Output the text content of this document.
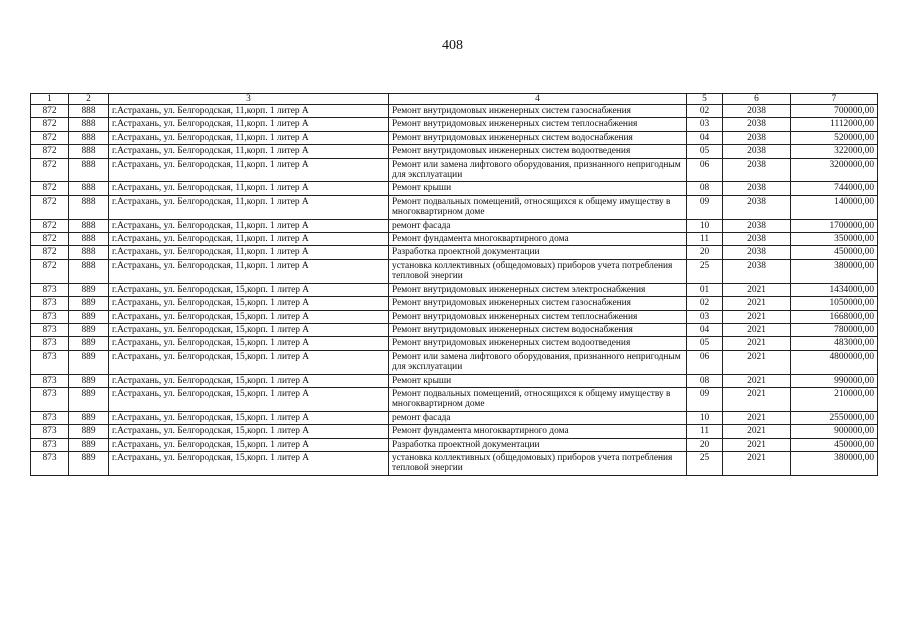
408
1	2	3	4	5	6	7
872	888	г.Астрахань, ул. Белгородская, 11,корп. 1 литер А	Ремонт внутридомовых инженерных систем газоснабжения	02	2038	700000,00
872	888	г.Астрахань, ул. Белгородская, 11,корп. 1 литер А	Ремонт внутридомовых инженерных систем теплоснабжения	03	2038	1112000,00
872	888	г.Астрахань, ул. Белгородская, 11,корп. 1 литер А	Ремонт внутридомовых инженерных систем водоснабжения	04	2038	520000,00
872	888	г.Астрахань, ул. Белгородская, 11,корп. 1 литер А	Ремонт внутридомовых инженерных систем водоотведения	05	2038	322000,00
872	888	г.Астрахань, ул. Белгородская, 11,корп. 1 литер А	Ремонт или замена лифтового оборудования, признанного непригодным для эксплуатации	06	2038	3200000,00
872	888	г.Астрахань, ул. Белгородская, 11,корп. 1 литер А	Ремонт крыши	08	2038	744000,00
872	888	г.Астрахань, ул. Белгородская, 11,корп. 1 литер А	Ремонт подвальных помещений, относящихся к общему имуществу в многоквартирном доме	09	2038	140000,00
872	888	г.Астрахань, ул. Белгородская, 11,корп. 1 литер А	ремонт фасада	10	2038	1700000,00
872	888	г.Астрахань, ул. Белгородская, 11,корп. 1 литер А	Ремонт фундамента многоквартирного дома	11	2038	350000,00
872	888	г.Астрахань, ул. Белгородская, 11,корп. 1 литер А	Разработка проектной документации	20	2038	450000,00
872	888	г.Астрахань, ул. Белгородская, 11,корп. 1 литер А	установка коллективных (общедомовых) приборов учета потребления тепловой энергии	25	2038	380000,00
873	889	г.Астрахань, ул. Белгородская, 15,корп. 1 литер А	Ремонт внутридомовых инженерных систем электроснабжения	01	2021	1434000,00
873	889	г.Астрахань, ул. Белгородская, 15,корп. 1 литер А	Ремонт внутридомовых инженерных систем газоснабжения	02	2021	1050000,00
873	889	г.Астрахань, ул. Белгородская, 15,корп. 1 литер А	Ремонт внутридомовых инженерных систем теплоснабжения	03	2021	1668000,00
873	889	г.Астрахань, ул. Белгородская, 15,корп. 1 литер А	Ремонт внутридомовых инженерных систем водоснабжения	04	2021	780000,00
873	889	г.Астрахань, ул. Белгородская, 15,корп. 1 литер А	Ремонт внутридомовых инженерных систем водоотведения	05	2021	483000,00
873	889	г.Астрахань, ул. Белгородская, 15,корп. 1 литер А	Ремонт или замена лифтового оборудования, признанного непригодным для эксплуатации	06	2021	4800000,00
873	889	г.Астрахань, ул. Белгородская, 15,корп. 1 литер А	Ремонт крыши	08	2021	990000,00
873	889	г.Астрахань, ул. Белгородская, 15,корп. 1 литер А	Ремонт подвальных помещений, относящихся к общему имуществу в многоквартирном доме	09	2021	210000,00
873	889	г.Астрахань, ул. Белгородская, 15,корп. 1 литер А	ремонт фасада	10	2021	2550000,00
873	889	г.Астрахань, ул. Белгородская, 15,корп. 1 литер А	Ремонт фундамента многоквартирного дома	11	2021	900000,00
873	889	г.Астрахань, ул. Белгородская, 15,корп. 1 литер А	Разработка проектной документации	20	2021	450000,00
873	889	г.Астрахань, ул. Белгородская, 15,корп. 1 литер А	установка коллективных (общедомовых) приборов учета потребления тепловой энергии	25	2021	380000,00
